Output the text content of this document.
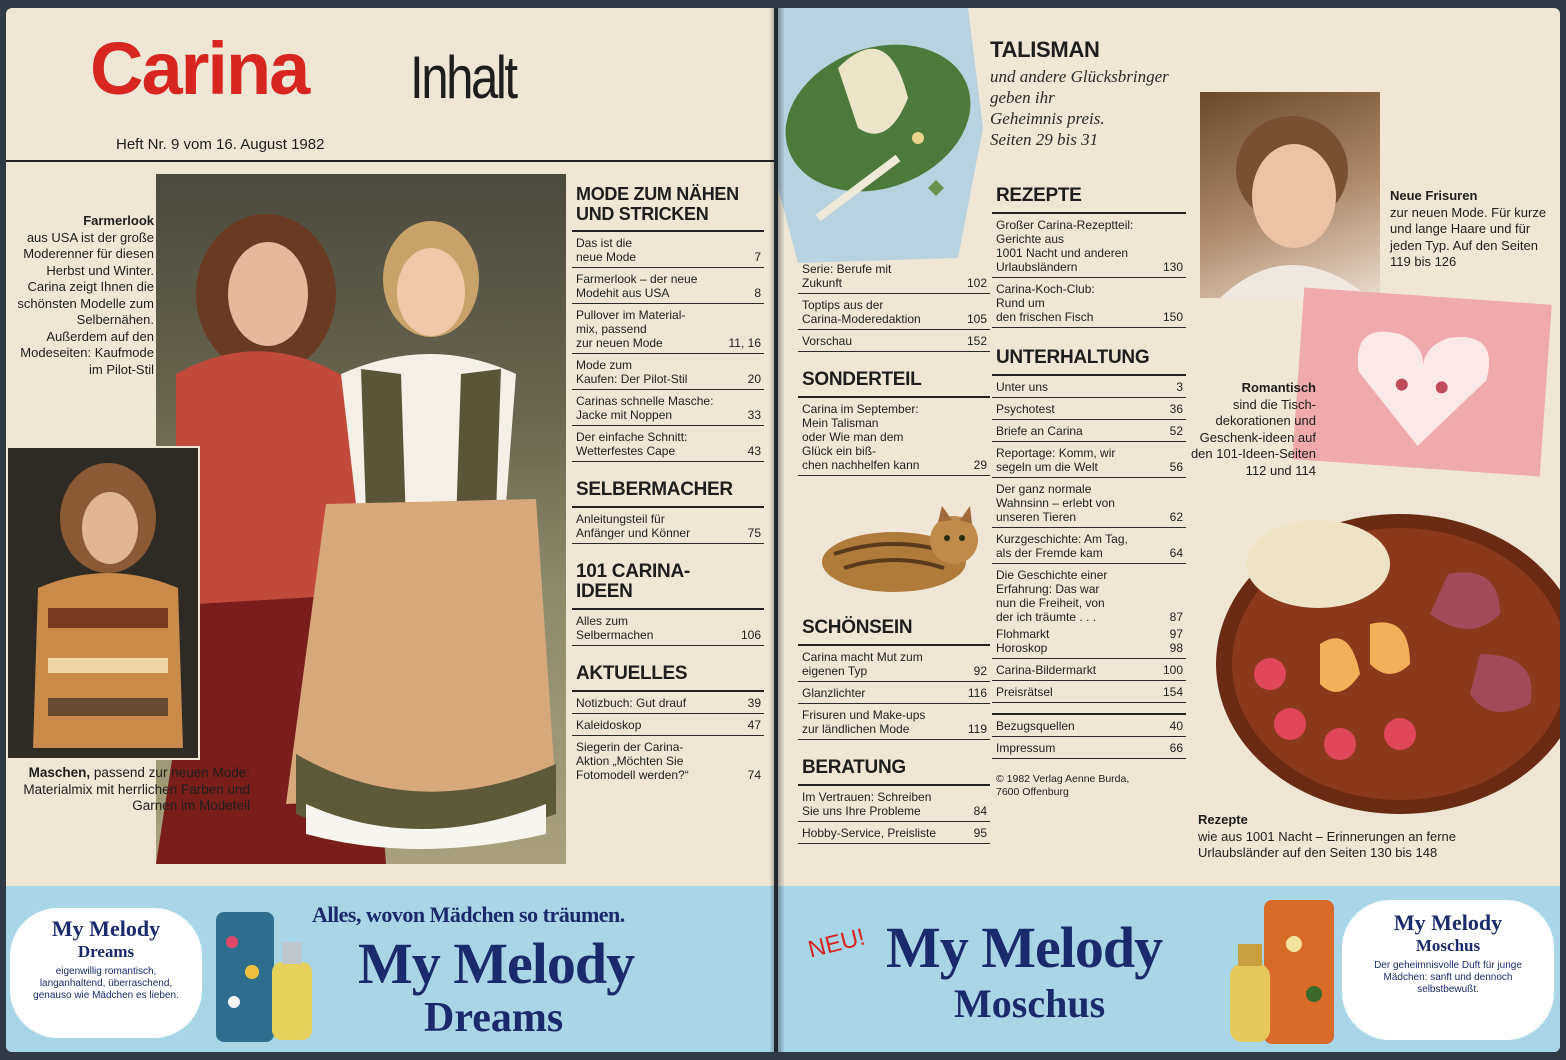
Carina Inhalt
Heft Nr. 9 vom 16. August 1982
Farmerlook
aus USA ist der große Moderenner für diesen Herbst und Winter. Carina zeigt Ihnen die schönsten Modelle zum Selbernähen. Außerdem auf den Modeseiten: Kaufmode im Pilot-Stil
Maschen, passend zur neuen Mode: Materialmix mit herrlichen Farben und Garnen im Modeteil
MODE ZUM NÄHEN UND STRICKEN
Das ist die
neue Mode	7
Farmerlook – der neue
Modehit aus USA	8
Pullover im Material-
mix, passend
zur neuen Mode	11, 16
Mode zum
Kaufen: Der Pilot-Stil	20
Carinas schnelle Masche:
Jacke mit Noppen	33
Der einfache Schnitt:
Wetterfestes Cape	43
SELBERMACHER
Anleitungsteil für
Anfänger und Könner	75
101 CARINA-IDEEN
Alles zum
Selbermachen	106
AKTUELLES
Notizbuch: Gut drauf	39
Kaleidoskop	47
Siegerin der Carina-
Aktion „Möchten Sie
Fotomodell werden?“	74
My Melody
Dreams
eigenwillig romantisch, langanhaltend, überraschend, genauso wie Mädchen es lieben.
Alles, wovon Mädchen so träumen.
My Melody
Dreams
TALISMAN
und andere Glücksbringer
geben ihr
Geheimnis preis.
Seiten 29 bis 31
Serie: Berufe mit
Zukunft	102
Toptips aus der
Carina-Moderedaktion	105
Vorschau	152
SONDERTEIL
Carina im September:
Mein Talisman
oder Wie man dem
Glück ein biß-
chen nachhelfen kann	29
SCHÖNSEIN
Carina macht Mut zum
eigenen Typ	92
Glanzlichter	116
Frisuren und Make-ups
zur ländlichen Mode	119
BERATUNG
Im Vertrauen: Schreiben
Sie uns Ihre Probleme	84
Hobby-Service, Preisliste	95
REZEPTE
Großer Carina-Rezeptteil:
Gerichte aus
1001 Nacht und anderen
Urlaubsländern	130
Carina-Koch-Club:
Rund um
den frischen Fisch	150
UNTERHALTUNG
Unter uns	3
Psychotest	36
Briefe an Carina	52
Reportage: Komm, wir
segeln um die Welt	56
Der ganz normale
Wahnsinn – erlebt von
unseren Tieren	62
Kurzgeschichte: Am Tag,
als der Fremde kam	64
Die Geschichte einer
Erfahrung: Das war
nun die Freiheit, von
der ich träumte . . .	87
Flohmarkt	97
Horoskop	98
Carina-Bildermarkt	100
Preisrätsel	154
Bezugsquellen	40
Impressum	66
© 1982 Verlag Aenne Burda,
7600 Offenburg
Neue Frisuren
zur neuen Mode. Für kurze und lange Haare und für jeden Typ. Auf den Seiten 119 bis 126
Romantisch
sind die Tisch-dekorationen und Geschenk-ideen auf den 101-Ideen-Seiten 112 und 114
Rezepte
wie aus 1001 Nacht – Erinnerungen an ferne Urlaubsländer auf den Seiten 130 bis 148
NEU! My Melody
Moschus
My Melody
Moschus
Der geheimnisvolle Duft für junge Mädchen: sanft und dennoch selbstbewußt.
